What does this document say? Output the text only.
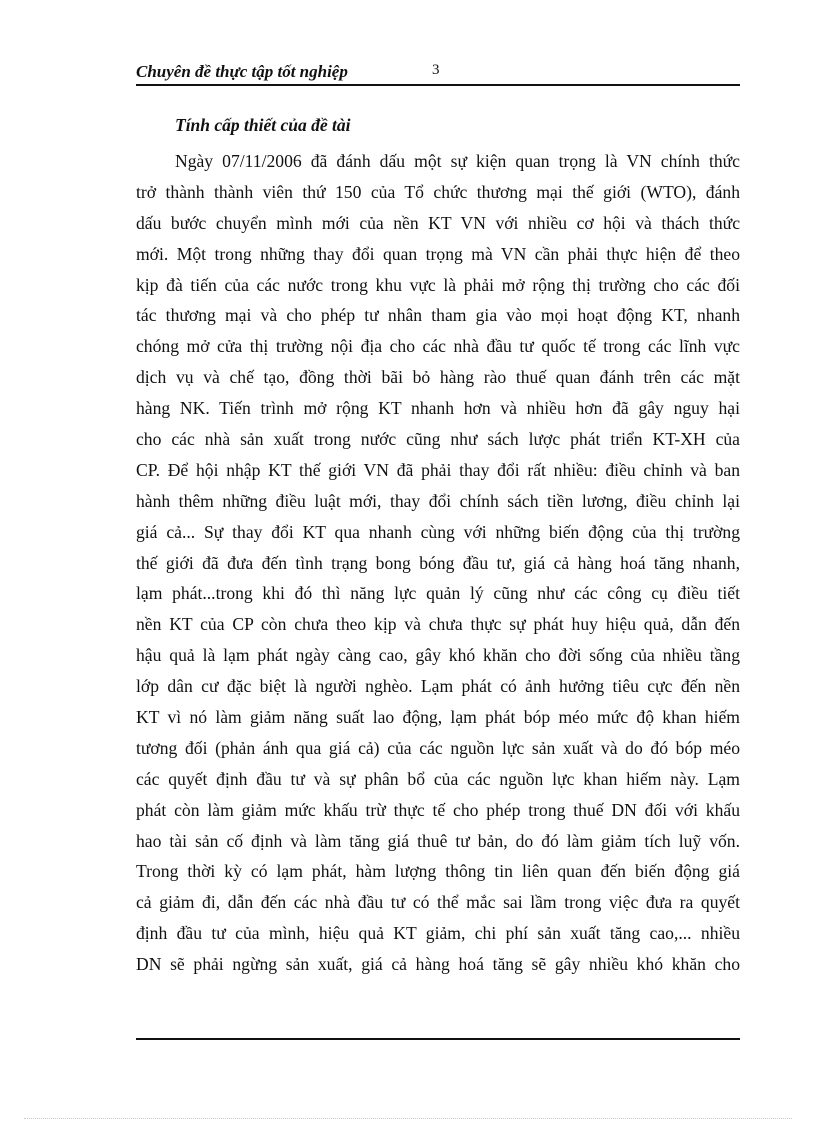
Chuyên đề thực tập tốt nghiệp	3
Tính cấp thiết của đề tài
Ngày 07/11/2006 đã đánh dấu một sự kiện quan trọng là VN chính thức
trở thành thành viên thứ 150 của Tổ chức thương mại thế giới (WTO), đánh
dấu bước chuyển mình mới của nền KT VN với nhiều cơ hội và thách thức
mới. Một trong những thay đổi quan trọng mà VN cần phải thực hiện để theo
kịp đà tiến của các nước trong khu vực là phải mở rộng thị trường cho các đối
tác thương mại và cho phép tư nhân tham gia vào mọi hoạt động KT, nhanh
chóng mở cửa thị trường nội địa cho các nhà đầu tư quốc tế trong các lĩnh vực
dịch vụ và chế tạo, đồng thời bãi bỏ hàng rào thuế quan đánh trên các mặt
hàng NK. Tiến trình mở rộng KT nhanh hơn và nhiều hơn đã gây nguy hại
cho các nhà sản xuất trong nước cũng như sách lược phát triển KT-XH của
CP. Để hội nhập KT thế giới VN đã phải thay đổi rất nhiều: điều chỉnh và ban
hành thêm những điều luật mới, thay đổi chính sách tiền lương, điều chỉnh lại
giá cả... Sự thay đổi KT qua nhanh cùng với những biến động của thị trường
thế giới đã đưa đến tình trạng bong bóng đầu tư, giá cả hàng hoá tăng nhanh,
lạm phát...trong khi đó thì năng lực quản lý cũng như các công cụ điều tiết
nền KT của CP còn chưa theo kịp và chưa thực sự phát huy hiệu quả, dẫn đến
hậu quả là lạm phát ngày càng cao, gây khó khăn cho đời sống của nhiều tầng
lớp dân cư đặc biệt là người nghèo. Lạm phát có ảnh hưởng tiêu cực đến nền
KT vì nó làm giảm năng suất lao động, lạm phát bóp méo mức độ khan hiếm
tương đối (phản ánh qua giá cả) của các nguồn lực sản xuất và do đó bóp méo
các quyết định đầu tư và sự phân bổ của các nguồn lực khan hiếm này. Lạm
phát còn làm giảm mức khấu trừ thực tế cho phép trong thuế DN đối với khấu
hao tài sản cố định và làm tăng giá thuê tư bản, do đó làm giảm tích luỹ vốn.
Trong thời kỳ có lạm phát, hàm lượng thông tin liên quan đến biến động giá
cả giảm đi, dẫn đến các nhà đầu tư có thể mắc sai lầm trong việc đưa ra quyết
định đầu tư của mình, hiệu quả KT giảm, chi phí sản xuất tăng cao,... nhiều
DN sẽ phải ngừng sản xuất, giá cả hàng hoá tăng sẽ gây nhiều khó khăn cho
